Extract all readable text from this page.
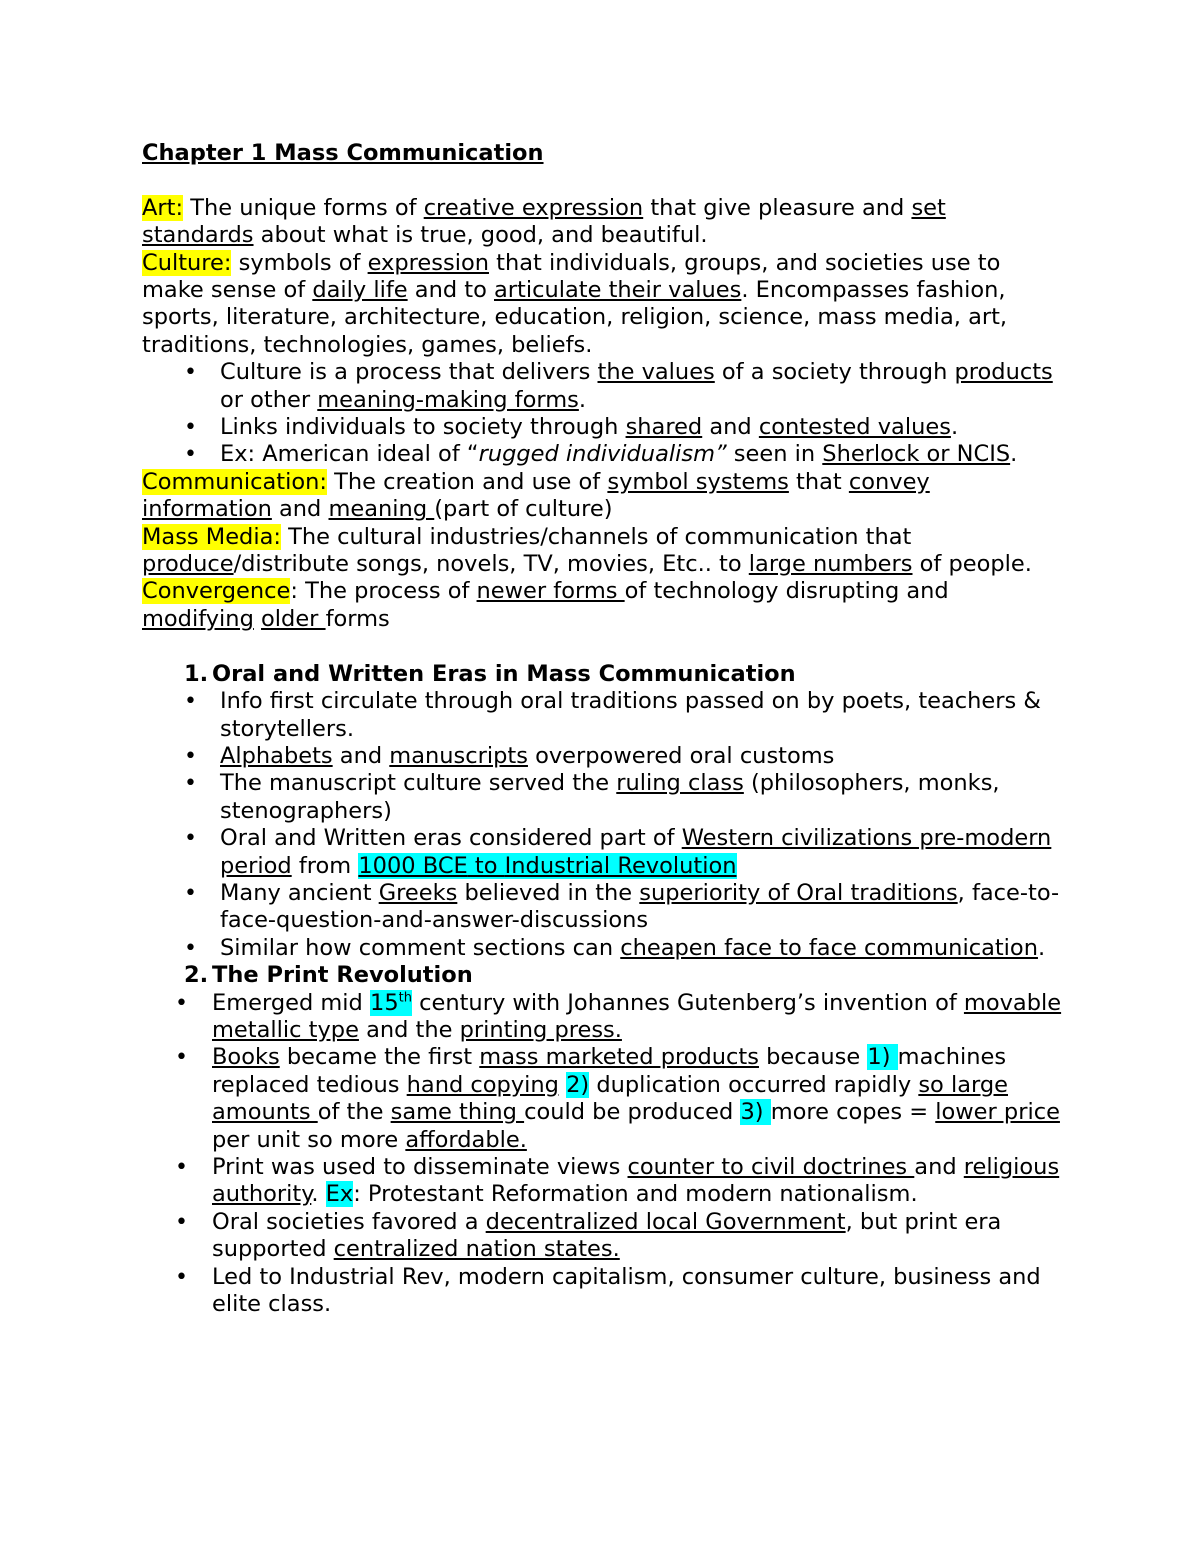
Chapter 1 Mass Communication

Art: The unique forms of creative expression that give pleasure and set standards about what is true, good, and beautiful.

Culture: symbols of expression that individuals, groups, and societies use to make sense of daily life and to articulate their values. Encompasses fashion, sports, literature, architecture, education, religion, science, mass media, art, traditions, technologies, games, beliefs.

• Culture is a process that delivers the values of a society through products or other meaning-making forms.
• Links individuals to society through shared and contested values.
• Ex: American ideal of “rugged individualism” seen in Sherlock or NCIS.

Communication: The creation and use of symbol systems that convey information and meaning (part of culture)

Mass Media: The cultural industries/channels of communication that produce/distribute songs, novels, TV, movies, Etc.. to large numbers of people.

Convergence: The process of newer forms of technology disrupting and modifying older forms

1. Oral and Written Eras in Mass Communication
• Info first circulate through oral traditions passed on by poets, teachers & storytellers.
• Alphabets and manuscripts overpowered oral customs
• The manuscript culture served the ruling class (philosophers, monks, stenographers)
• Oral and Written eras considered part of Western civilizations pre-modern period from 1000 BCE to Industrial Revolution
• Many ancient Greeks believed in the superiority of Oral traditions, face-to-face-question-and-answer-discussions
• Similar how comment sections can cheapen face to face communication.
2. The Print Revolution
• Emerged mid 15th century with Johannes Gutenberg’s invention of movable metallic type and the printing press.
• Books became the first mass marketed products because 1) machines replaced tedious hand copying 2) duplication occurred rapidly so large amounts of the same thing could be produced 3) more copes = lower price per unit so more affordable.
• Print was used to disseminate views counter to civil doctrines and religious authority. Ex: Protestant Reformation and modern nationalism.
• Oral societies favored a decentralized local Government, but print era supported centralized nation states.
• Led to Industrial Rev, modern capitalism, consumer culture, business and elite class.
